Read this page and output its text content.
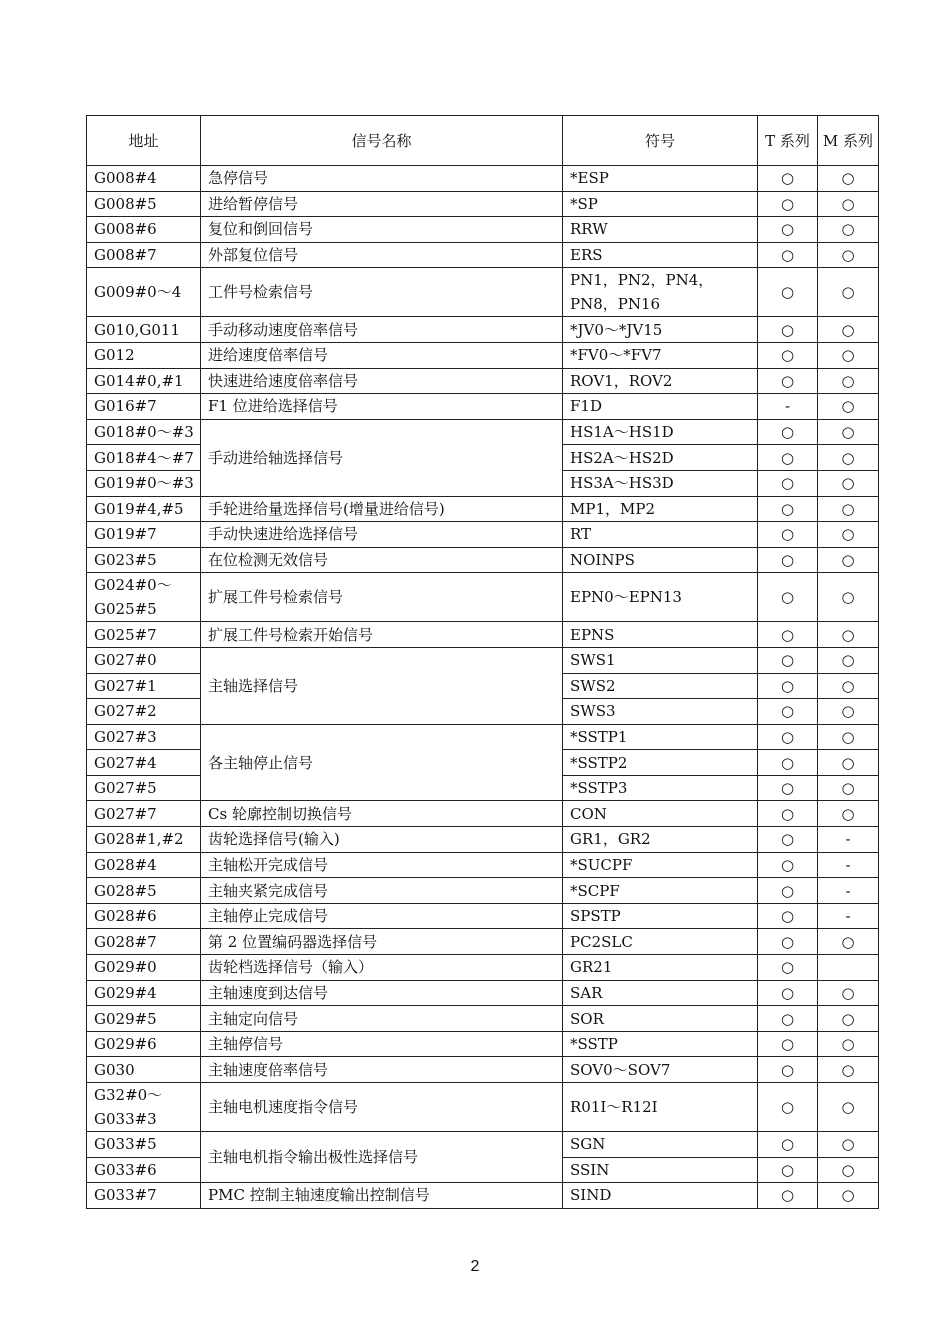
地址	信号名称	符号	T 系列	M 系列
G008#4	急停信号	*ESP	○	○
G008#5	进给暂停信号	*SP	○	○
G008#6	复位和倒回信号	RRW	○	○
G008#7	外部复位信号	ERS	○	○
G009#0～4	工件号检索信号	PN1，PN2，PN4，PN8，PN16	○	○
G010,G011	手动移动速度倍率信号	*JV0～*JV15	○	○
G012	进给速度倍率信号	*FV0～*FV7	○	○
G014#0,#1	快速进给速度倍率信号	ROV1，ROV2	○	○
G016#7	F1 位进给选择信号	F1D	-	○
G018#0～#3	手动进给轴选择信号	HS1A～HS1D	○	○
G018#4～#7		HS2A～HS2D	○	○
G019#0～#3		HS3A～HS3D	○	○
G019#4,#5	手轮进给量选择信号(增量进给信号)	MP1，MP2	○	○
G019#7	手动快速进给选择信号	RT	○	○
G023#5	在位检测无效信号	NOINPS	○	○
G024#0～G025#5	扩展工件号检索信号	EPN0～EPN13	○	○
G025#7	扩展工件号检索开始信号	EPNS	○	○
G027#0	主轴选择信号	SWS1	○	○
G027#1		SWS2	○	○
G027#2		SWS3	○	○
G027#3	各主轴停止信号	*SSTP1	○	○
G027#4		*SSTP2	○	○
G027#5		*SSTP3	○	○
G027#7	Cs 轮廓控制切换信号	CON	○	○
G028#1,#2	齿轮选择信号(输入)	GR1，GR2	○	-
G028#4	主轴松开完成信号	*SUCPF	○	-
G028#5	主轴夹紧完成信号	*SCPF	○	-
G028#6	主轴停止完成信号	SPSTP	○	-
G028#7	第 2 位置编码器选择信号	PC2SLC	○	○
G029#0	齿轮档选择信号（输入）	GR21	○	
G029#4	主轴速度到达信号	SAR	○	○
G029#5	主轴定向信号	SOR	○	○
G029#6	主轴停信号	*SSTP	○	○
G030	主轴速度倍率信号	SOV0～SOV7	○	○
G32#0～G033#3	主轴电机速度指令信号	R01I～R12I	○	○
G033#5	主轴电机指令输出极性选择信号	SGN	○	○
G033#6		SSIN	○	○
G033#7	PMC 控制主轴速度输出控制信号	SIND	○	○
2
